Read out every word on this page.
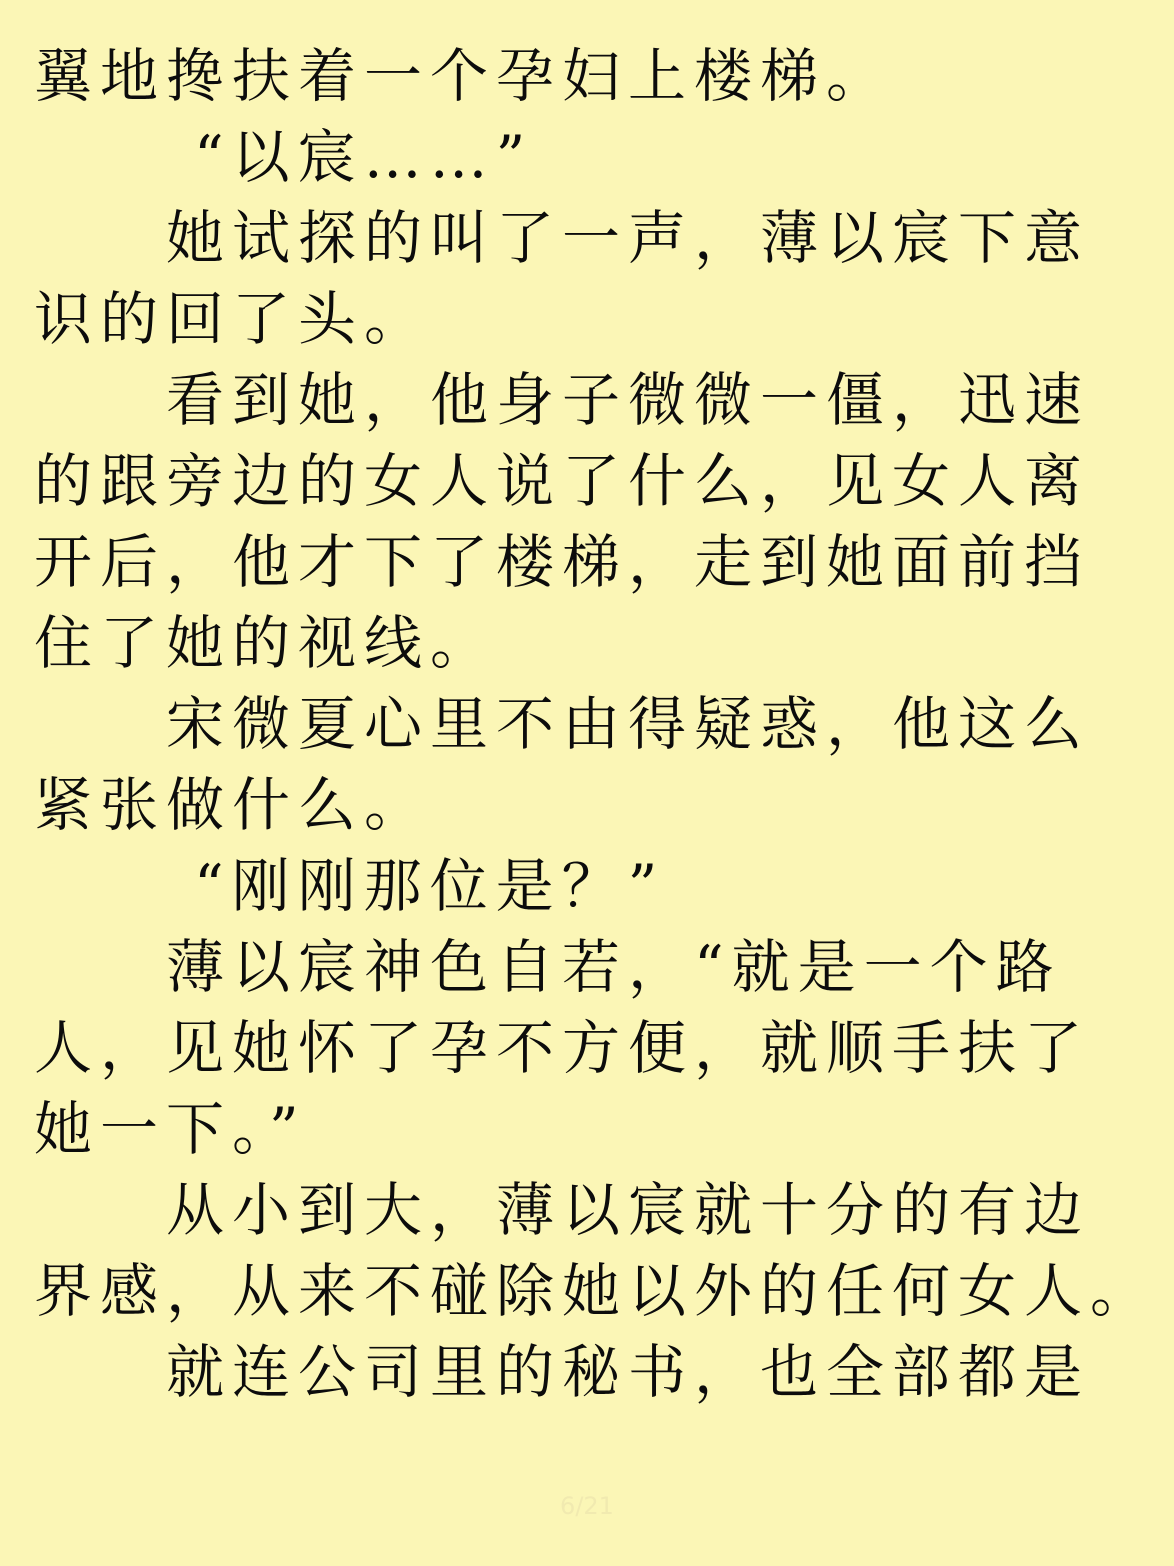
翼地搀扶着一个孕妇上楼梯。
“以宸……”
她试探的叫了一声，薄以宸下意
识的回了头。
看到她，他身子微微一僵，迅速
的跟旁边的女人说了什么，见女人离
开后，他才下了楼梯，走到她面前挡
住了她的视线。
宋微夏心里不由得疑惑，他这么
紧张做什么。
“刚刚那位是？”
薄以宸神色自若，“就是一个路
人，见她怀了孕不方便，就顺手扶了
她一下。”
从小到大，薄以宸就十分的有边
界感，从来不碰除她以外的任何女人。
就连公司里的秘书，也全部都是
6/21
